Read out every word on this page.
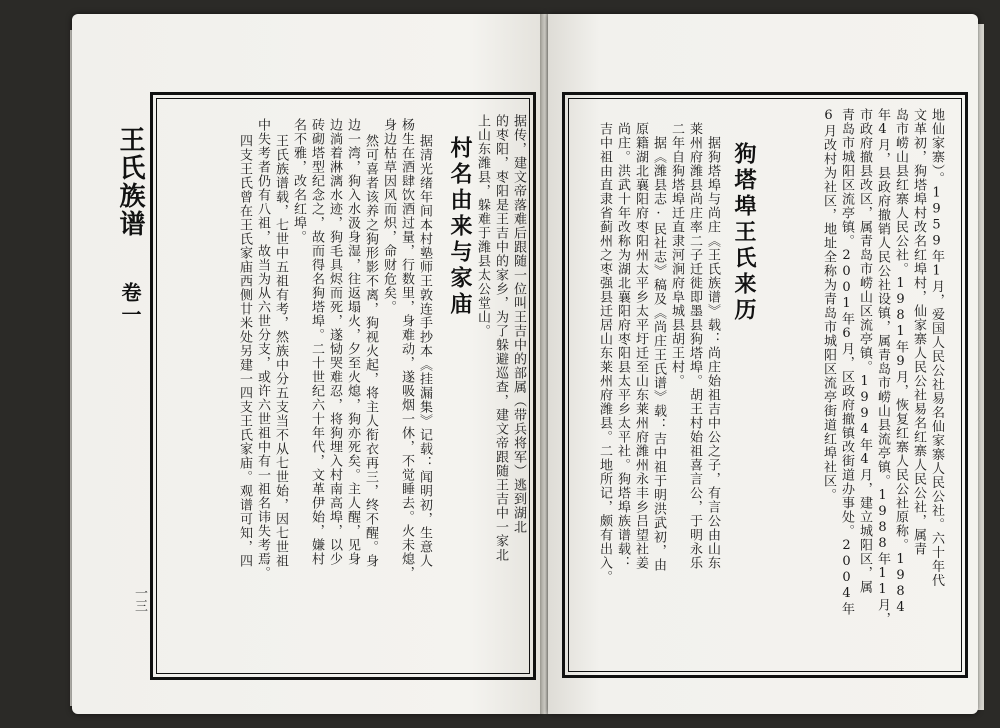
王氏族谱
卷一	据传，建文帝落难后跟随一位叫王吉中的部属（带兵将军）逃到湖北
的枣阳，枣阳是王吉中的家乡，为了躲避巡查，建文帝跟随王吉中一家北
上山东潍县，躲难于潍县太公堂山。
村名由来与家庙
据清光绪年间本村塾师王敦连手抄本《挂漏集》记载：闻明初，生意人
杨生在酒肆饮酒过量，行数里，身难动，遂吸烟一休，不觉睡去。火未熄，
身边枯草因风而炽，命财危矣。
然可喜者该养之狗形影不离，狗视火起，将主人衔衣再三，终不醒。身
边一湾，狗入水汲身湿，往返塌火，夕至火熄，狗亦死矣。主人醒，见身
边淌着淋漓水迹，狗毛具烬而死，遂恸哭难忍，将狗埋入村南高埠，以少
砖砌塔型纪念之，故而得名狗塔埠。二十世纪六十年代，文革伊始，嫌村
名不雅，改名红埠。
王氏族谱载，七世中五祖有考，然族中分五支当不从七世始，因七世祖
中失考者仍有八祖，故当为从六世分支，或许六世祖中有一祖名讳失考焉。
四支王氏曾在王氏家庙西侧廿米处另建一四支王氏家庙。观谱可知，四
一三
地仙家寨）。1959年1月，爱国人民公社易名仙家寨人民公社。六十年代
文革初，狗塔埠村改名红埠村，仙家寨人民公社易名红寨人民公社，属青
岛市崂山县红寨人民公社。1981年9月，恢复红寨人民公社原称。1984
年4月，县政府撤销人民公社设镇，属青岛市崂山县流亭镇。1988年11月，
市政府撤县改区，属青岛市崂山区流亭镇。1994年4月，建立城阳区，属
青岛市城阳区流亭镇。2001年6月，区政府撤镇改街道办事处。2004年
6月改村为社区，地址全称为青岛市城阳区流亭街道红埠社区。
狗塔埠王氏来历
据狗塔埠与尚庄《王氏族谱》载：尚庄始祖吉中公之子，有言公由山东
莱州府潍县尚庄率二子迁徙即墨县狗塔埠。胡王村始祖喜言公，于明永乐
二年自狗塔埠迁直隶河涧府阜城县胡王村。
据《潍县志·民社志》稿及《尚庄王氏谱》载：吉中祖于明洪武初，由
原籍湖北襄阳府枣阳州太平乡太平圩迁至山东莱州府潍州永丰乡吕望社姜
尚庄。洪武十年改称为湖北襄阳府枣阳县太平乡太平社。狗塔埠族谱载：
吉中祖由直隶省蓟州之枣强县迁居山东莱州府潍县。二地所记，颇有出入。
